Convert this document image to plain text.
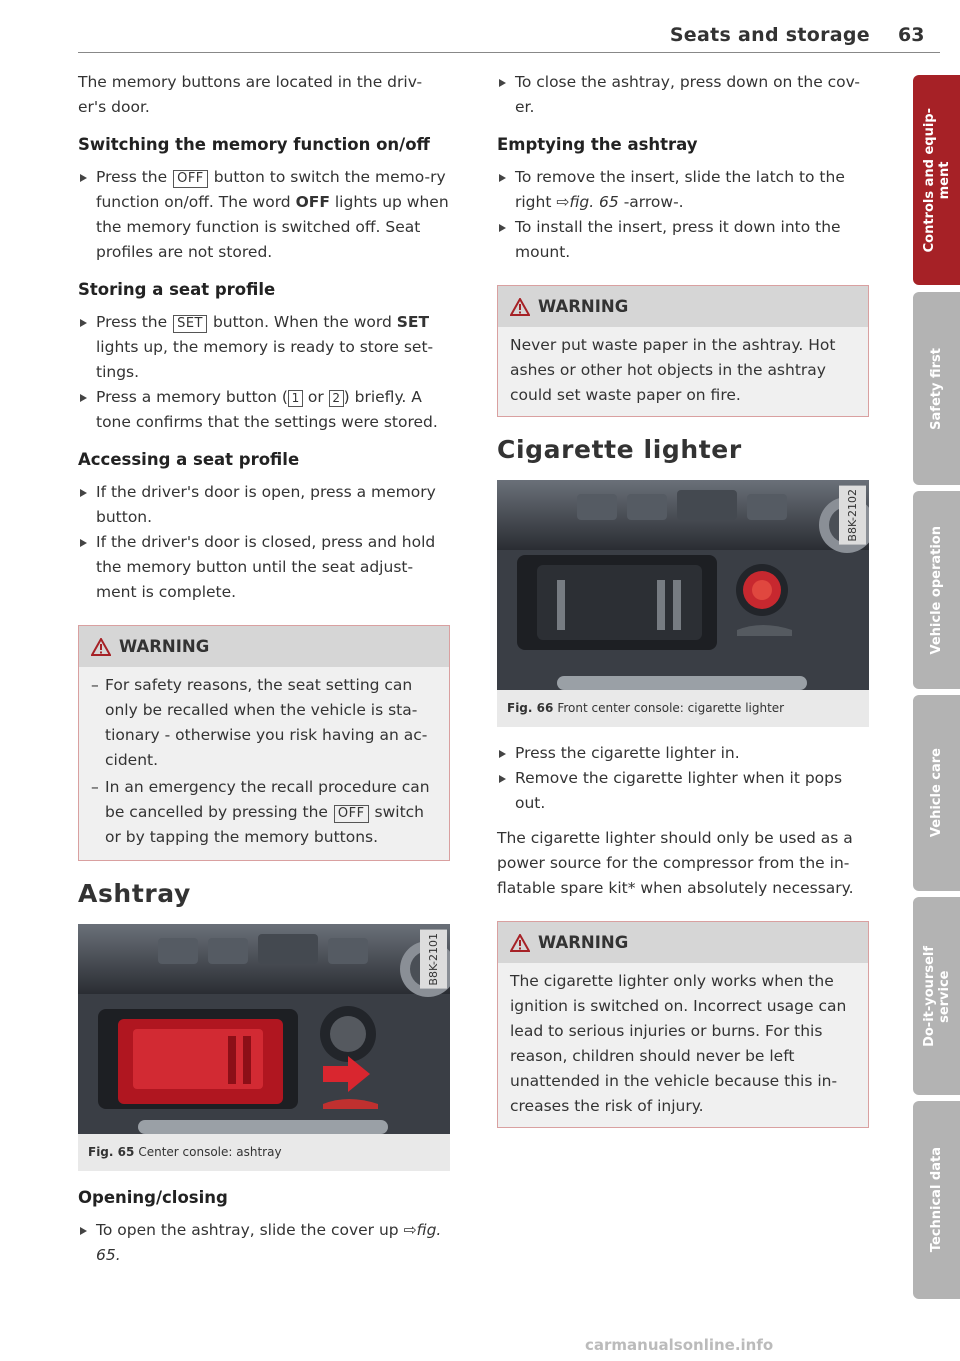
Seats and storage 63

The memory buttons are located in the driv-er's door.

Switching the memory function on/off
Press the OFF button to switch the memo-ry function on/off. The word OFF lights up when the memory function is switched off. Seat profiles are not stored.
Storing a seat profile
Press the SET button. When the word SET lights up, the memory is ready to store set-tings.
Press a memory button ( 1 or 2 ) briefly. A tone confirms that the settings were stored.
Accessing a seat profile
If the driver's door is open, press a memory button.
If the driver's door is closed, press and hold the memory button until the seat adjust-ment is complete.
WARNING
– For safety reasons, the seat setting can only be recalled when the vehicle is sta-tionary - otherwise you risk having an ac-cident.
– In an emergency the recall procedure can be cancelled by pressing the OFF switch or by tapping the memory buttons.
Ashtray
B8K-2101
Fig. 65 Center console: ashtray
Opening/closing
To open the ashtray, slide the cover up ⇨fig. 65.
To close the ashtray, press down on the cov-er.
Emptying the ashtray
To remove the insert, slide the latch to the right ⇨fig. 65 -arrow-.
To install the insert, press it down into the mount.
WARNING
Never put waste paper in the ashtray. Hot ashes or other hot objects in the ashtray could set waste paper on fire.
Cigarette lighter
B8K-2102
Fig. 66 Front center console: cigarette lighter
Press the cigarette lighter in.
Remove the cigarette lighter when it pops out.

The cigarette lighter should only be used as a power source for the compressor from the in-flatable spare kit* when absolutely necessary.

WARNING
The cigarette lighter only works when the ignition is switched on. Incorrect usage can lead to serious injuries or burns. For this reason, children should never be left unattended in the vehicle because this in-creases the risk of injury.
Controls and equip-
ment
Safety first
Vehicle operation
Vehicle care
Do-it-yourself
service
Technical data
carmanualsonline.info
